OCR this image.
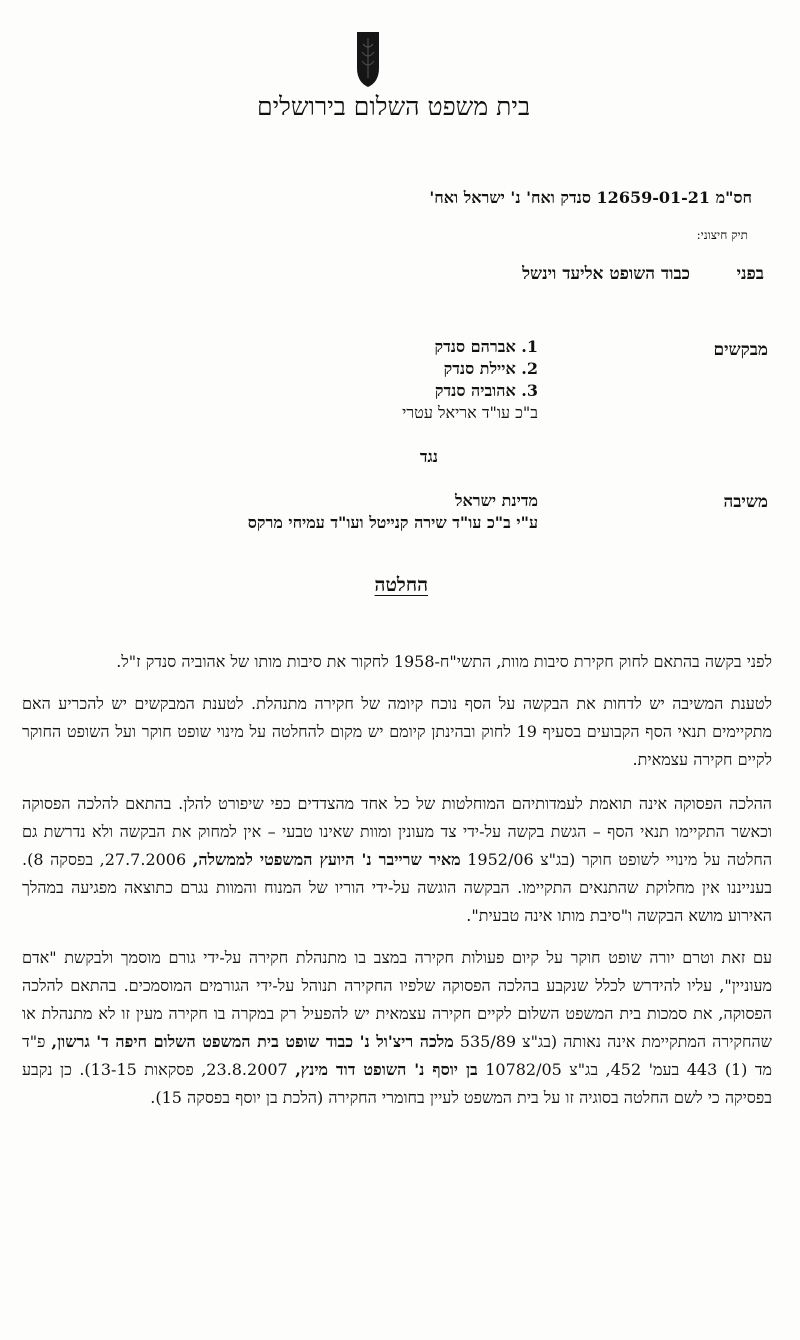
בית משפט השלום בירושלים
חס"מ 12659-01-21 סנדק ואח' נ' ישראל ואח'
תיק חיצוני:
בפני
כבוד השופט אליעד וינשל
מבקשים
1. אברהם סנדק
2. איילת סנדק
3. אהוביה סנדק
ב"כ עו"ד אריאל עטרי
נגד
משיבה
מדינת ישראל
ע"י ב"כ עו"ד שירה קנייטל ועו"ד עמיחי מרקס
החלטה

לפני בקשה בהתאם לחוק חקירת סיבות מוות, התשי"ח-1958 לחקור את סיבות מותו של אהוביה סנדק ז"ל.

לטענת המשיבה יש לדחות את הבקשה על הסף נוכח קיומה של חקירה מתנהלת. לטענת המבקשים יש להכריע האם מתקיימים תנאי הסף הקבועים בסעיף 19 לחוק ובהינתן קיומם יש מקום להחלטה על מינוי שופט חוקר ועל השופט החוקר לקיים חקירה עצמאית.

ההלכה הפסוקה אינה תואמת לעמדותיהם המוחלטות של כל אחד מהצדדים כפי שיפורט להלן. בהתאם להלכה הפסוקה וכאשר התקיימו תנאי הסף – הגשת בקשה על-ידי צד מעונין ומוות שאינו טבעי – אין למחוק את הבקשה ולא נדרשת גם החלטה על מינויי לשופט חוקר (בג"צ 1952/06 מאיר שרייבר נ' היועץ המשפטי לממשלה, 27.7.2006, בפסקה 8). בענייננו אין מחלוקת שהתנאים התקיימו. הבקשה הוגשה על-ידי הוריו של המנוח והמוות נגרם כתוצאה מפגיעה במהלך האירוע מושא הבקשה ו"סיבת מותו אינה טבעית".

עם זאת וטרם יורה שופט חוקר על קיום פעולות חקירה במצב בו מתנהלת חקירה על-ידי גורם מוסמך ולבקשת "אדם מעוניין", עליו להידרש לכלל שנקבע בהלכה הפסוקה שלפיו החקירה תנוהל על-ידי הגורמים המוסמכים. בהתאם להלכה הפסוקה, את סמכות בית המשפט השלום לקיים חקירה עצמאית יש להפעיל רק במקרה בו חקירה מעין זו לא מתנהלת או שהחקירה המתקיימת אינה נאותה (בג"צ 535/89 מלכה ריצ'ול נ' כבוד שופט בית המשפט השלום חיפה ד' גרשון, פ"ד מד (1) 443 בעמ' 452, בג"צ 10782/05 בן יוסף נ' השופט דוד מינץ, 23.8.2007, פסקאות 13-15). כן נקבע בפסיקה כי לשם החלטה בסוגיה זו על בית המשפט לעיין בחומרי החקירה (הלכת בן יוסף בפסקה 15).
